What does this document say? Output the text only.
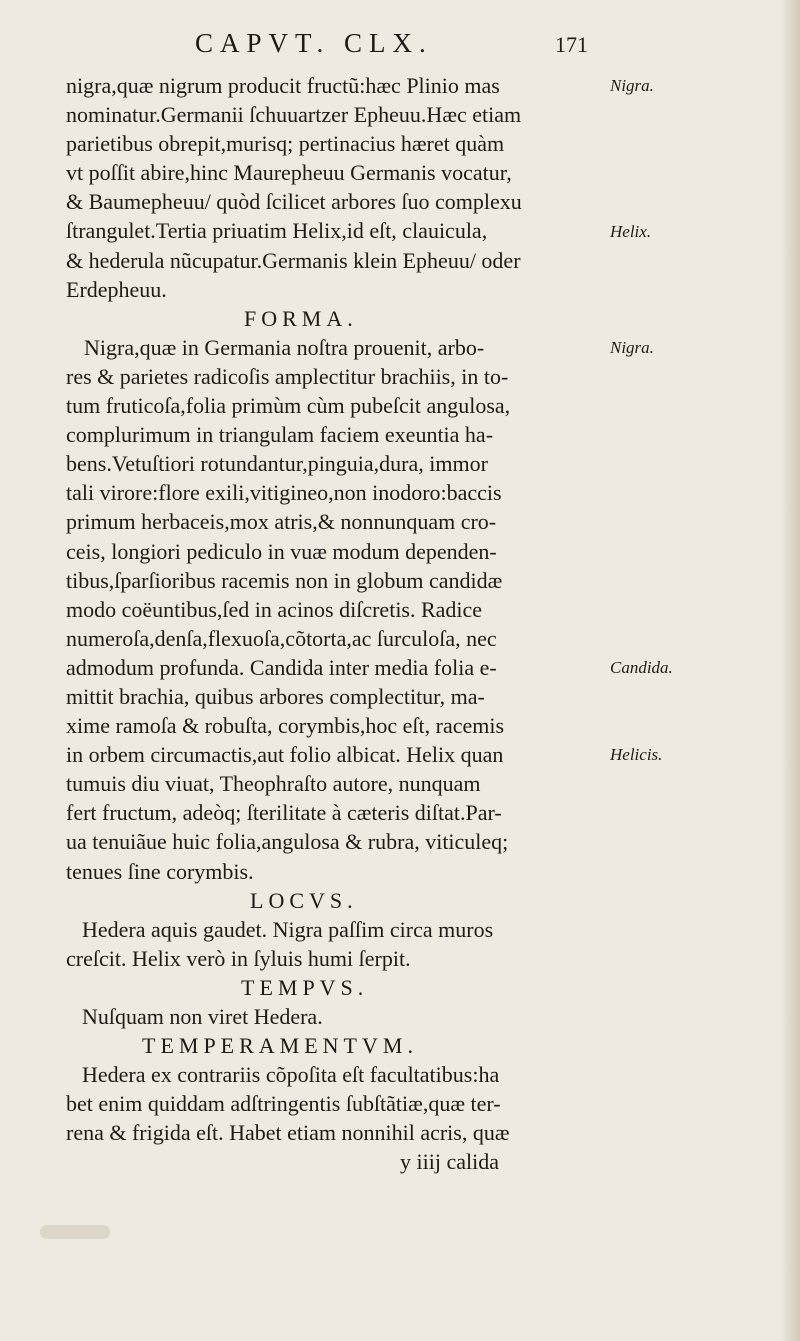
CAPVT. CLX.	171
nigra,quæ nigrum producit fructũ:hæc Plinio mas
nominatur.Germanii ſchuuartzer Epheuu.Hæc etiam
parietibus obrepit,murisq; pertinacius hæret quàm
vt poſſit abire,hinc Maurepheuu Germanis vocatur,
& Baumepheuu/ quòd ſcilicet arbores ſuo complexu
ſtrangulet.Tertia priuatim Helix,id eſt, clauicula,
& hederula nũcupatur.Germanis klein Epheuu/ oder
Erdepheuu.
FORMA.
Nigra,quæ in Germania noſtra prouenit, arbo-
res & parietes radicoſis amplectitur brachiis, in to-
tum fruticoſa,folia primùm cùm pubeſcit angulosa,
complurimum in triangulam faciem exeuntia ha-
bens.Vetuſtiori rotundantur,pinguia,dura, immor
tali virore:flore exili,vitigineo,non inodoro:baccis
primum herbaceis,mox atris,& nonnunquam cro-
ceis, longiori pediculo in vuæ modum dependen-
tibus,ſparſioribus racemis non in globum candidæ
modo coëuntibus,ſed in acinos diſcretis. Radice
numeroſa,denſa,flexuoſa,cõtorta,ac ſurculoſa, nec
admodum profunda. Candida inter media folia e-
mittit brachia, quibus arbores complectitur, ma-
xime ramoſa & robuſta, corymbis,hoc eſt, racemis
in orbem circumactis,aut folio albicat. Helix quan
tumuis diu viuat, Theophraſto autore, nunquam
fert fructum, adeòq; ſterilitate à cæteris diſtat.Par-
ua tenuiãue huic folia,angulosa & rubra, viticuleq;
tenues ſine corymbis.
LOCVS.
Hedera aquis gaudet. Nigra paſſim circa muros
creſcit. Helix verò in ſyluis humi ſerpit.
TEMPVS.
Nuſquam non viret Hedera.
TEMPERAMENTVM.
Hedera ex contrariis cõpoſita eſt facultatibus:ha
bet enim quiddam adſtringentis ſubſtãtiæ,quæ ter-
rena & frigida eſt. Habet etiam nonnihil acris, quæ
y iiij calida
Nigra.
Helix.
Nigra.
Candida.
Helicis.
